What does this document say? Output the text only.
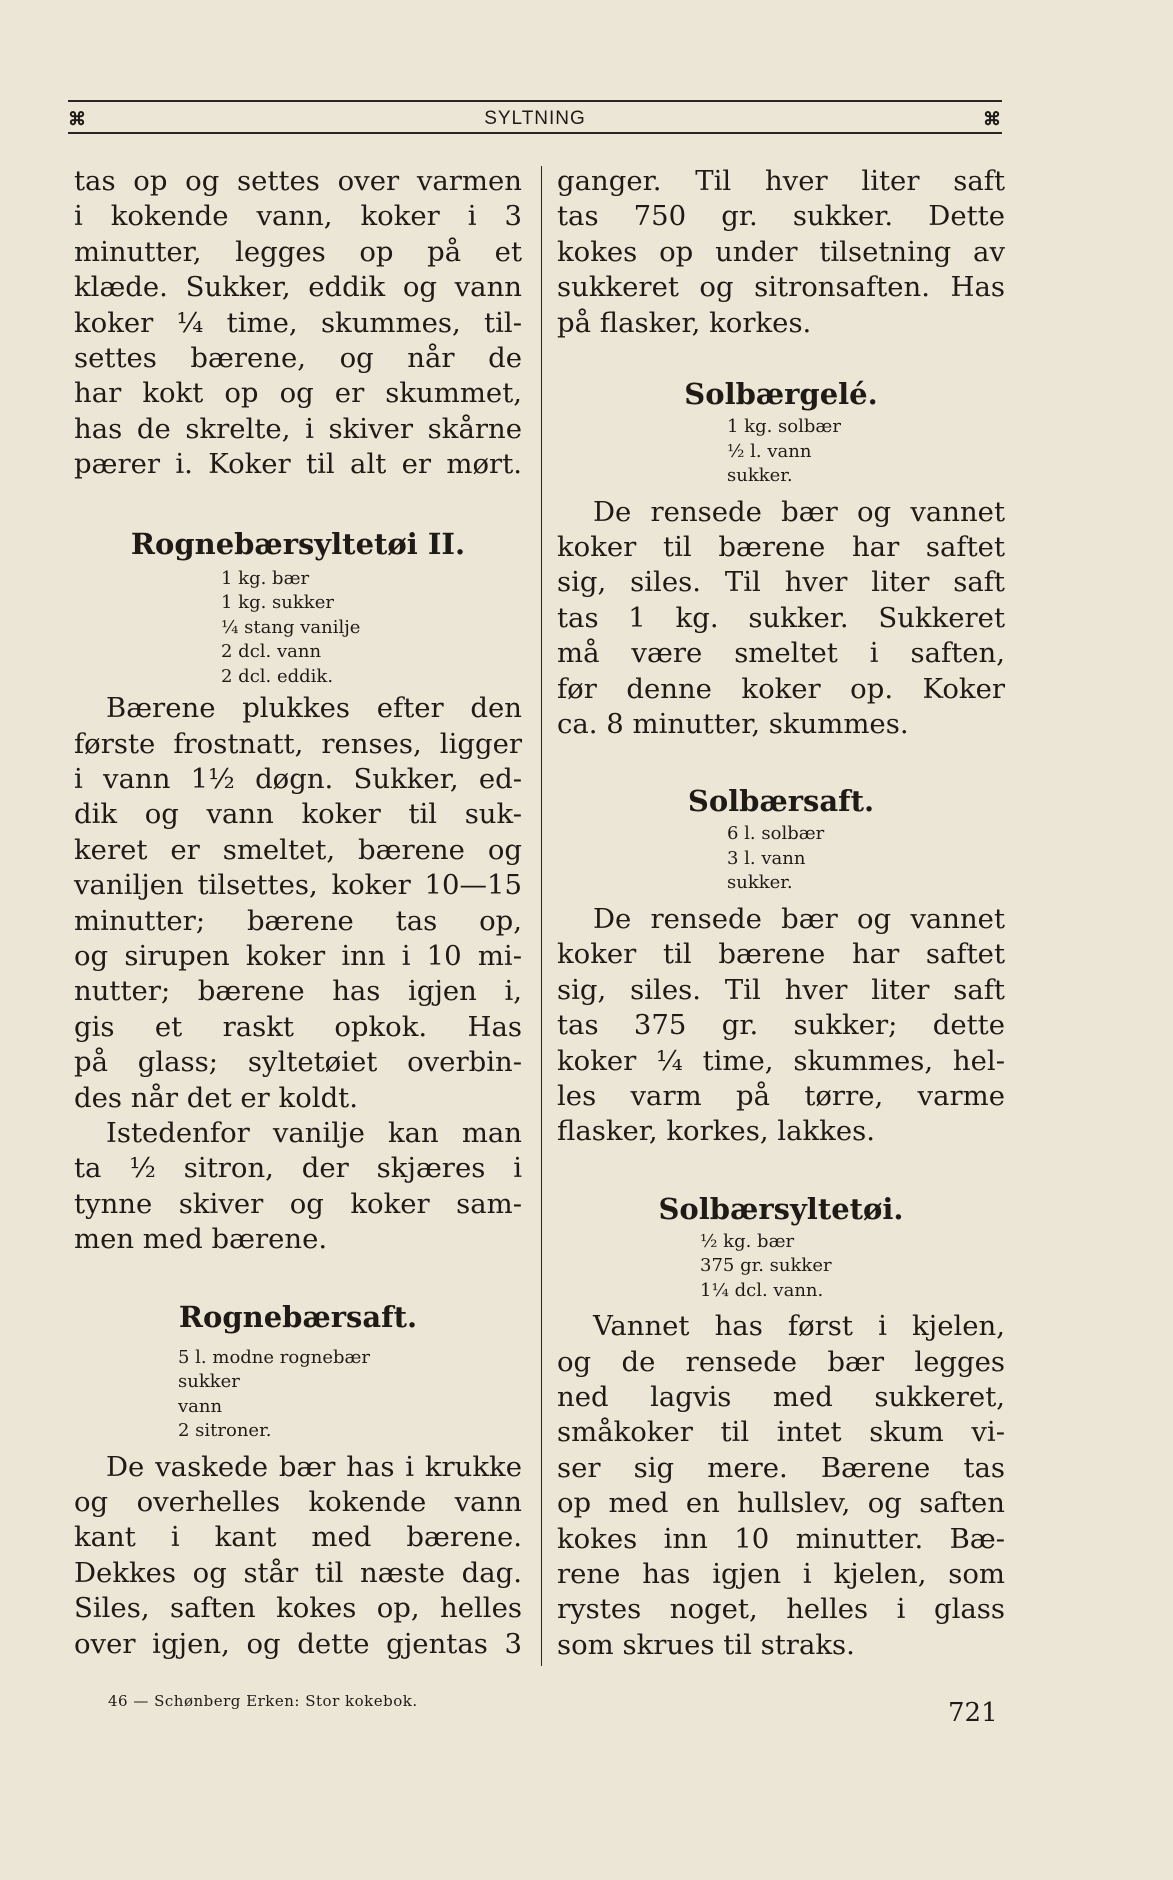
⌘	SYLTNING	⌘
tas op og settes over varmen
i kokende vann, koker i 3
minutter, legges op på et
klæde. Sukker, eddik og vann
koker ¼ time, skummes, til-
settes bærene, og når de
har kokt op og er skummet,
has de skrelte, i skiver skårne
pærer i. Koker til alt er mørt.
Rognebærsyltetøi II.
1 kg. bær
1 kg. sukker
¼ stang vanilje
2 dcl. vann
2 dcl. eddik.
Bærene plukkes efter den
første frostnatt, renses, ligger
i vann 1½ døgn. Sukker, ed-
dik og vann koker til suk-
keret er smeltet, bærene og
vaniljen tilsettes, koker 10—15
minutter; bærene tas op,
og sirupen koker inn i 10 mi-
nutter; bærene has igjen i,
gis et raskt opkok. Has
på glass; syltetøiet overbin-
des når det er koldt.
Istedenfor vanilje kan man
ta ½ sitron, der skjæres i
tynne skiver og koker sam-
men med bærene.
Rognebærsaft.
5 l. modne rognebær
sukker
vann
2 sitroner.
De vaskede bær has i krukke
og overhelles kokende vann
kant i kant med bærene.
Dekkes og står til næste dag.
Siles, saften kokes op, helles
over igjen, og dette gjentas 3
ganger. Til hver liter saft
tas 750 gr. sukker. Dette
kokes op under tilsetning av
sukkeret og sitronsaften. Has
på flasker, korkes.
Solbærgelé.
1 kg. solbær
½ l. vann
sukker.
De rensede bær og vannet
koker til bærene har saftet
sig, siles. Til hver liter saft
tas 1 kg. sukker. Sukkeret
må være smeltet i saften,
før denne koker op. Koker
ca. 8 minutter, skummes.
Solbærsaft.
6 l. solbær
3 l. vann
sukker.
De rensede bær og vannet
koker til bærene har saftet
sig, siles. Til hver liter saft
tas 375 gr. sukker; dette
koker ¼ time, skummes, hel-
les varm på tørre, varme
flasker, korkes, lakkes.
Solbærsyltetøi.
½ kg. bær
375 gr. sukker
1¼ dcl. vann.
Vannet has først i kjelen,
og de rensede bær legges
ned lagvis med sukkeret,
småkoker til intet skum vi-
ser sig mere. Bærene tas
op med en hullslev, og saften
kokes inn 10 minutter. Bæ-
rene has igjen i kjelen, som
rystes noget, helles i glass
som skrues til straks.
46 — Schønberg Erken: Stor kokebok.	721
